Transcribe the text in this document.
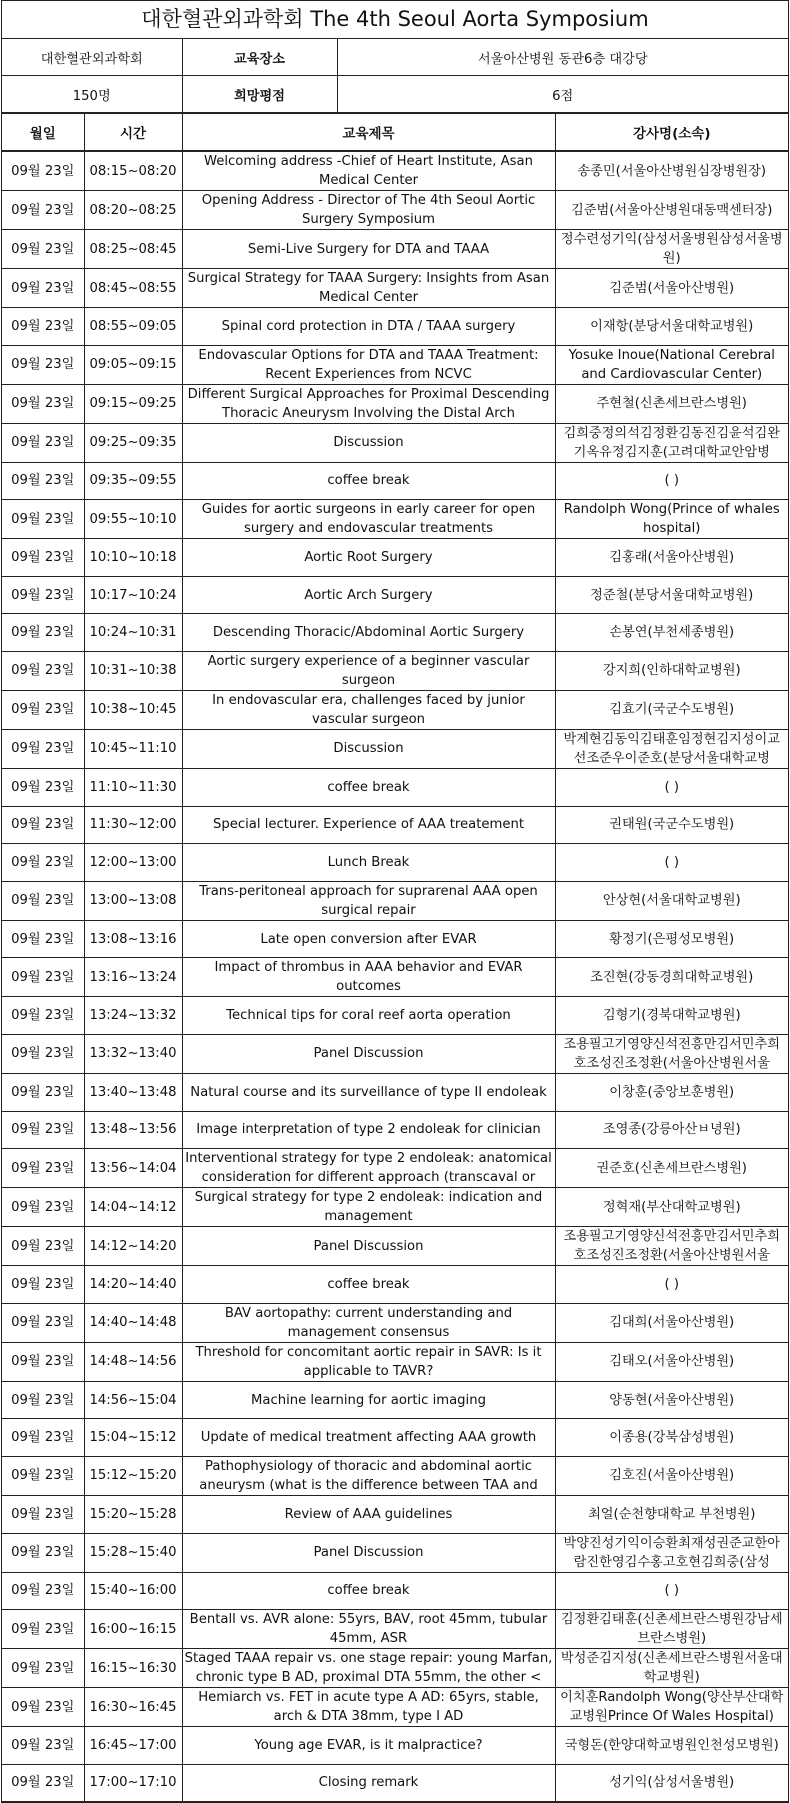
대한혈관외과학회 The 4th Seoul Aorta Symposium
대한혈관외과학회	교육장소	서울아산병원 동관6층 대강당
150명	희망평점	6점
월일	시간	교육제목	강사명(소속)
09월 23일	08:15~08:20	Welcoming address -Chief of Heart Institute, Asan Medical Center	송종민(서울아산병원심장병원장)

09월 23일	08:20~08:25	Opening Address - Director of The 4th Seoul Aortic Surgery Symposium	김준범(서울아산병원대동맥센터장)

09월 23일	08:25~08:45	Semi-Live Surgery for DTA and TAAA	정수련성기익(삼성서울병원삼성서울병원)

09월 23일	08:45~08:55	Surgical Strategy for TAAA Surgery: Insights from Asan Medical Center	김준범(서울아산병원)

09월 23일	08:55~09:05	Spinal cord protection in DTA / TAAA surgery	이재항(분당서울대학교병원)

09월 23일	09:05~09:15	Endovascular Options for DTA and TAAA Treatment: Recent Experiences from NCVC	Yosuke Inoue(National Cerebral and Cardiovascular Center)

09월 23일	09:15~09:25	Different Surgical Approaches for Proximal Descending Thoracic Aneurysm Involving the Distal Arch	주현철(신촌세브란스병원)

09월 23일	09:25~09:35	Discussion	김희중정의석김정환김동진김윤석김완기옥유정김지훈(고려대학교안암병

09월 23일	09:35~09:55	coffee break	( )

09월 23일	09:55~10:10	Guides for aortic surgeons in early career for open surgery and endovascular treatments	Randolph Wong(Prince of whales hospital)

09월 23일	10:10~10:18	Aortic Root Surgery	김홍래(서울아산병원)

09월 23일	10:17~10:24	Aortic Arch Surgery	정준철(분당서울대학교병원)

09월 23일	10:24~10:31	Descending Thoracic/Abdominal Aortic Surgery	손봉연(부천세종병원)

09월 23일	10:31~10:38	Aortic surgery experience of a beginner vascular surgeon	강지희(인하대학교병원)

09월 23일	10:38~10:45	In endovascular era, challenges faced by junior vascular surgeon	김효기(국군수도병원)

09월 23일	10:45~11:10	Discussion	박계현김동익김태훈임정현김지성이교선조준우이준호(분당서울대학교병

09월 23일	11:10~11:30	coffee break	( )

09월 23일	11:30~12:00	Special lecturer. Experience of AAA treatement	권태원(국군수도병원)

09월 23일	12:00~13:00	Lunch Break	( )

09월 23일	13:00~13:08	Trans-peritoneal approach for suprarenal AAA open surgical repair	안상현(서울대학교병원)

09월 23일	13:08~13:16	Late open conversion after EVAR	황정기(은평성모병원)

09월 23일	13:16~13:24	Impact of thrombus in AAA behavior and EVAR outcomes	조진현(강동경희대학교병원)

09월 23일	13:24~13:32	Technical tips for coral reef aorta operation	김형기(경북대학교병원)

09월 23일	13:32~13:40	Panel Discussion	조용필고기영양신석전흥만김서민추희호조성진조정환(서울아산병원서울

09월 23일	13:40~13:48	Natural course and its surveillance of type II endoleak	이창훈(중앙보훈병원)

09월 23일	13:48~13:56	Image interpretation of type 2 endoleak for clinician	조영종(강릉아산ㅂ녕원)

09월 23일	13:56~14:04	Interventional strategy for type 2 endoleak: anatomical consideration for different approach (transcaval or	권준호(신촌세브란스병원)

09월 23일	14:04~14:12	Surgical strategy for type 2 endoleak: indication and management	정혁재(부산대학교병원)

09월 23일	14:12~14:20	Panel Discussion	조용필고기영양신석전흥만김서민추희호조성진조정환(서울아산병원서울

09월 23일	14:20~14:40	coffee break	( )

09월 23일	14:40~14:48	BAV aortopathy: current understanding and management consensus	김대희(서울아산병원)

09월 23일	14:48~14:56	Threshold for concomitant aortic repair in SAVR: Is it applicable to TAVR?	김태오(서울아산병원)

09월 23일	14:56~15:04	Machine learning for aortic imaging	양동현(서울아산병원)

09월 23일	15:04~15:12	Update of medical treatment affecting AAA growth	이종용(강북삼성병원)

09월 23일	15:12~15:20	Pathophysiology of thoracic and abdominal aortic aneurysm (what is the difference between TAA and	김호진(서울아산병원)

09월 23일	15:20~15:28	Review of AAA guidelines	최얼(순천향대학교 부천병원)

09월 23일	15:28~15:40	Panel Discussion	박양진성기익이승환최재성권준교한아람진한영김수홍고호현김희중(삼성

09월 23일	15:40~16:00	coffee break	( )

09월 23일	16:00~16:15	Bentall vs. AVR alone: 55yrs, BAV, root 45mm, tubular 45mm, ASR	김정환김태훈(신촌세브란스병원강남세브란스병원)

09월 23일	16:15~16:30	Staged TAAA repair vs. one stage repair: young Marfan, chronic type B AD, proximal DTA 55mm, the other <	박성준김지성(신촌세브란스병원서울대학교병원)

09월 23일	16:30~16:45	Hemiarch vs. FET in acute type A AD: 65yrs, stable, arch & DTA 38mm, type I AD	이치훈Randolph Wong(양산부산대학교병원Prince Of Wales Hospital)

09월 23일	16:45~17:00	Young age EVAR, is it malpractice?	국형돈(한양대학교병원인천성모병원)

09월 23일	17:00~17:10	Closing remark	성기익(삼성서울병원)
